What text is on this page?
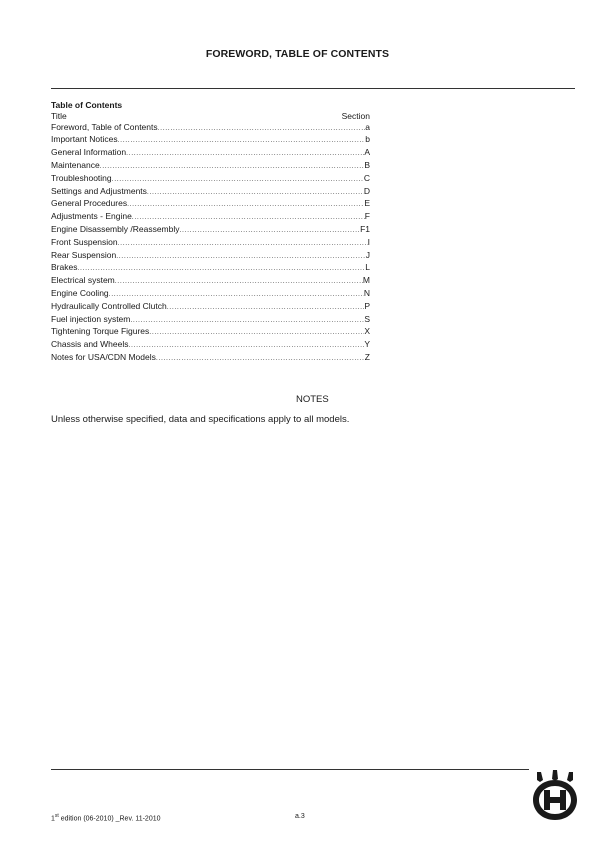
FOREWORD, TABLE OF CONTENTS
Table of Contents
Title	Section
Foreword, Table of Contents .....	a
Important Notices .....	b
General Information .....	A
Maintenance .....	B
Troubleshooting .....	C
Settings and Adjustments .....	D
General Procedures .....	E
Adjustments - Engine .....	F
Engine Disassembly /Reassembly .....	F1
Front Suspension .....	I
Rear Suspension .....	J
Brakes .....	L
Electrical system .....	M
Engine Cooling .....	N
Hydraulically Controlled Clutch .....	P
Fuel injection system .....	S
Tightening Torque Figures .....	X
Chassis and Wheels .....	Y
Notes for USA/CDN Models .....	Z
NOTES
Unless otherwise specified, data and specifications apply to all models.
1st edition (06-2010) _Rev. 11-2010	a.3
